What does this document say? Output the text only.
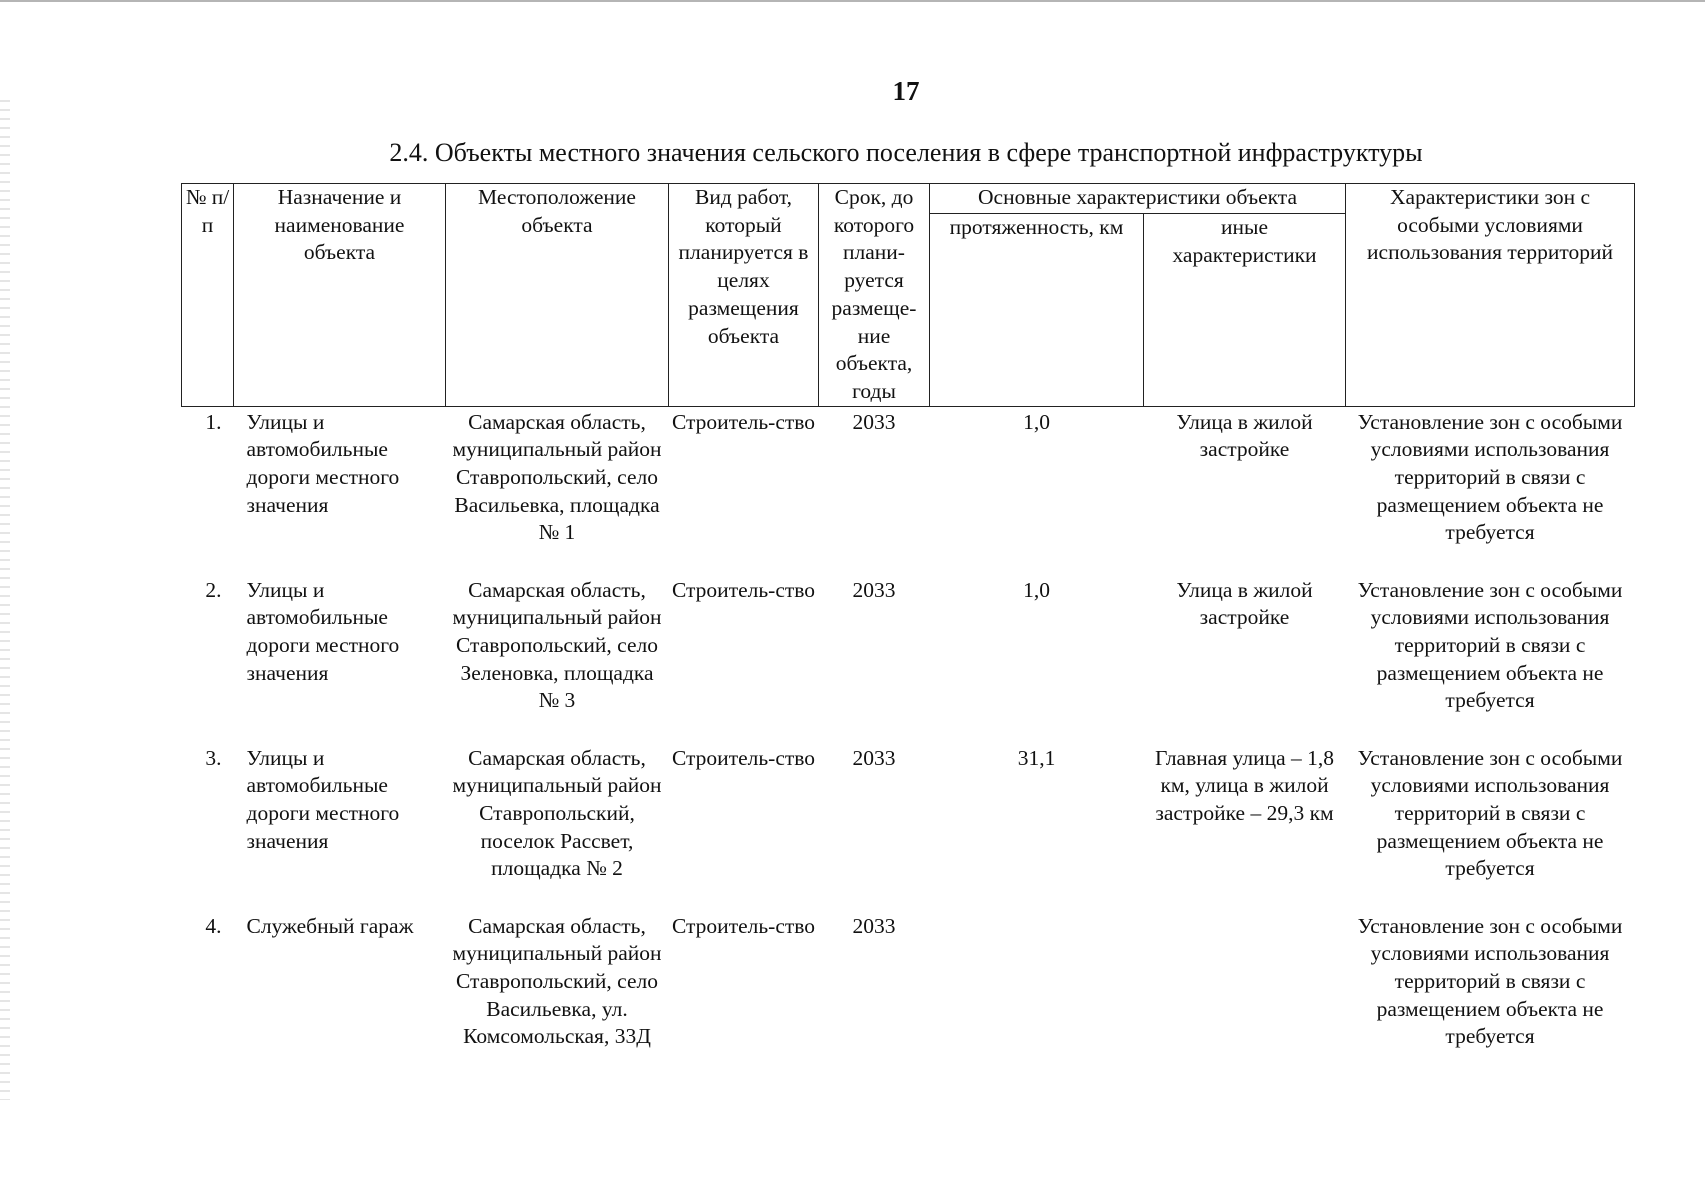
17
2.4. Объекты местного значения сельского поселения в сфере транспортной инфраструктуры
№ п/п	Назначение и наименование объекта	Местоположение объекта	Вид работ, который планируется в целях размещения объекта	Срок, до которого плани-руется размеще-ние объекта, годы	Основные характеристики объекта		Характеристики зон с особыми условиями использования территорий
					протяженность, км	иные характеристики	
1.	Улицы и автомобильные дороги местного значения	Самарская область, муниципальный район Ставропольский, село Васильевка, площадка № 1	Строитель-ство	2033	1,0	Улица в жилой застройке	Установление зон с особыми условиями использования территорий в связи с размещением объекта не требуется
2.	Улицы и автомобильные дороги местного значения	Самарская область, муниципальный район Ставропольский, село Зеленовка, площадка № 3	Строитель-ство	2033	1,0	Улица в жилой застройке	Установление зон с особыми условиями использования территорий в связи с размещением объекта не требуется
3.	Улицы и автомобильные дороги местного значения	Самарская область, муниципальный район Ставропольский, поселок Рассвет, площадка № 2	Строитель-ство	2033	31,1	Главная улица – 1,8 км, улица в жилой застройке – 29,3 км	Установление зон с особыми условиями использования территорий в связи с размещением объекта не требуется
4.	Служебный гараж	Самарская область, муниципальный район Ставропольский, село Васильевка, ул. Комсомольская, 33Д	Строитель-ство	2033			Установление зон с особыми условиями использования территорий в связи с размещением объекта не требуется
